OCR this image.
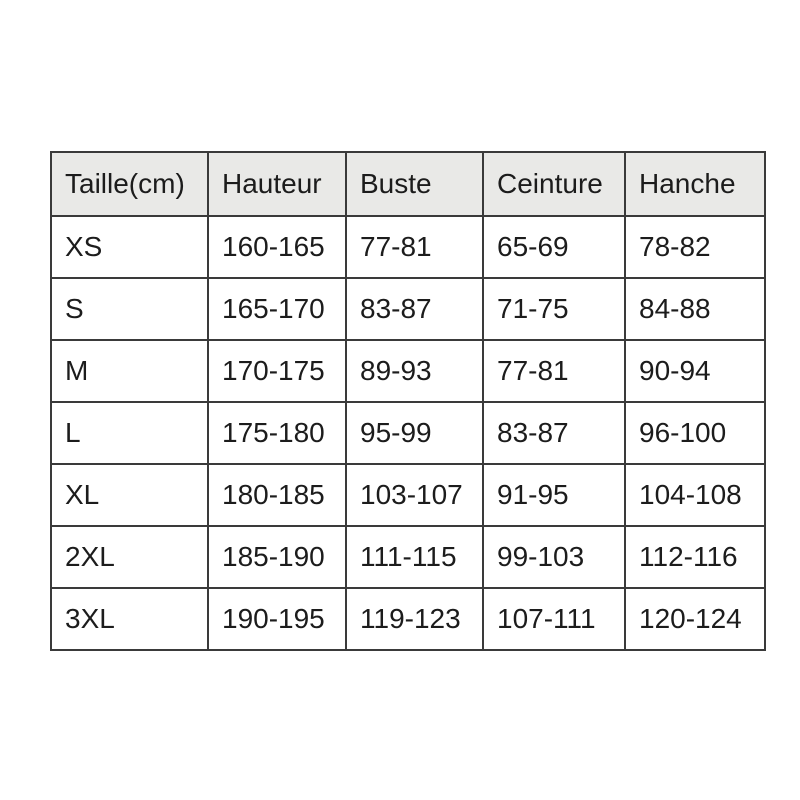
Taille(cm)	Hauteur	Buste	Ceinture	Hanche
XS	160-165	77-81	65-69	78-82
S	165-170	83-87	71-75	84-88
M	170-175	89-93	77-81	90-94
L	175-180	95-99	83-87	96-100
XL	180-185	103-107	91-95	104-108
2XL	185-190	111-115	99-103	112-116
3XL	190-195	119-123	107-111	120-124
